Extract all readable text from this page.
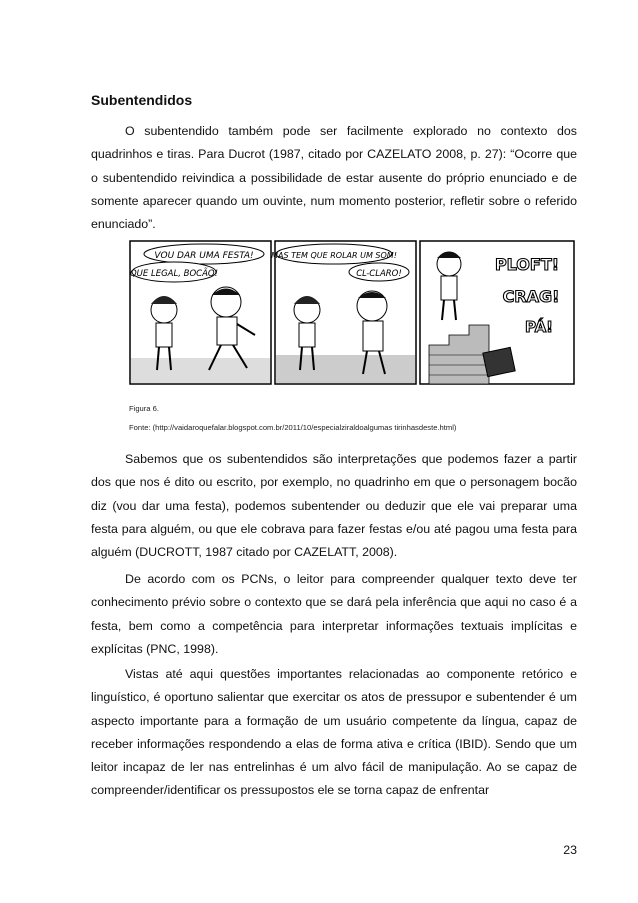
Subentendidos

O subentendido também pode ser facilmente explorado no contexto dos quadrinhos e tiras. Para Ducrot (1987, citado por CAZELATO 2008, p. 27): “Ocorre que o subentendido reivindica a possibilidade de estar ausente do próprio enunciado e de somente aparecer quando um ouvinte, num momento posterior, refletir sobre o referido enunciado”.

VOU DAR UMA FESTA!
QUE LEGAL, BOCÃO!
MAS TEM QUE ROLAR UM SOM!
CL-CLARO!	PLOFT!
CRAG!
PÁ!
Figura 6.
Fonte: (http://vaidaroquefalar.blogspot.com.br/2011/10/especialziraldoalgumas tirinhasdeste.html)

Sabemos que os subentendidos são interpretações que podemos fazer a partir dos que nos é dito ou escrito, por exemplo, no quadrinho em que o personagem bocão diz (vou dar uma festa), podemos subentender ou deduzir que ele vai preparar uma festa para alguém, ou que ele cobrava para fazer festas e/ou até pagou uma festa para alguém (DUCROTT, 1987 citado por CAZELATT, 2008).

De acordo com os PCNs, o leitor para compreender qualquer texto deve ter conhecimento prévio sobre o contexto que se dará pela inferência que aqui no caso é a festa, bem como a competência para interpretar informações textuais implícitas e explícitas (PNC, 1998).

Vistas até aqui questões importantes relacionadas ao componente retórico e linguístico, é oportuno salientar que exercitar os atos de pressupor e subentender é um aspecto importante para a formação de um usuário competente da língua, capaz de receber informações respondendo a elas de forma ativa e crítica (IBID). Sendo que um leitor incapaz de ler nas entrelinhas é um alvo fácil de manipulação. Ao se capaz de compreender/identificar os pressupostos ele se torna capaz de enfrentar

23
